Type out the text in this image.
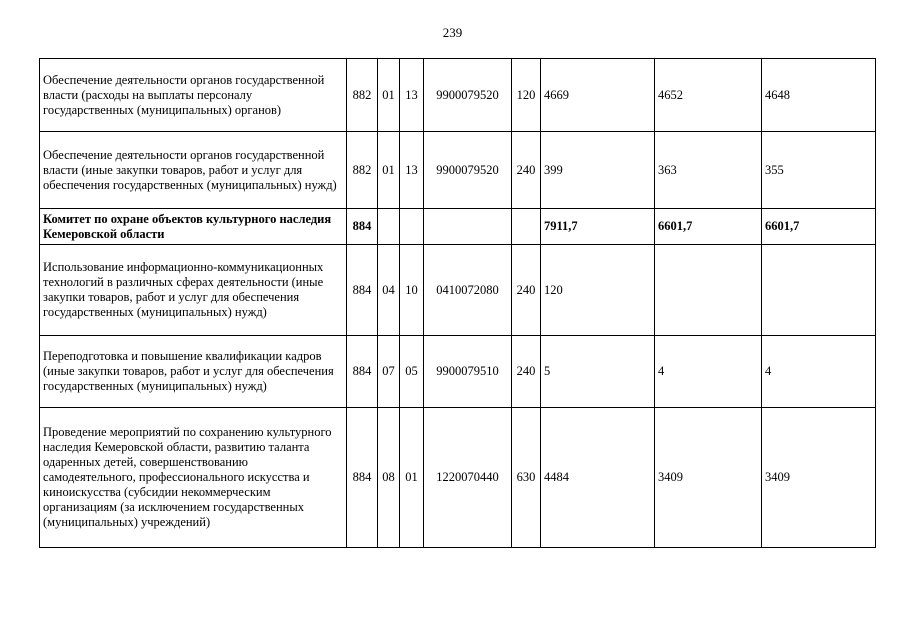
239
Обеспечение деятельности органов государственной власти (расходы на выплаты персоналу государственных (муниципальных) органов)	882	01	13	9900079520	120	4669	4652	4648
Обеспечение деятельности органов государственной власти (иные закупки товаров, работ и услуг для обеспечения государственных (муниципальных) нужд)	882	01	13	9900079520	240	399	363	355
Комитет по охране объектов культурного наследия Кемеровской области	884					7911,7	6601,7	6601,7
Использование информационно-коммуникационных технологий в различных сферах деятельности (иные закупки товаров, работ и услуг для обеспечения государственных (муниципальных) нужд)	884	04	10	0410072080	240	120		
Переподготовка и повышение квалификации кадров (иные закупки товаров, работ и услуг для обеспечения государственных (муниципальных) нужд)	884	07	05	9900079510	240	5	4	4
Проведение мероприятий по сохранению культурного наследия Кемеровской области, развитию таланта одаренных детей, совершенствованию самодеятельного, профессионального искусства и киноискусства (субсидии некоммерческим организациям (за исключением государственных (муниципальных) учреждений)	884	08	01	1220070440	630	4484	3409	3409
